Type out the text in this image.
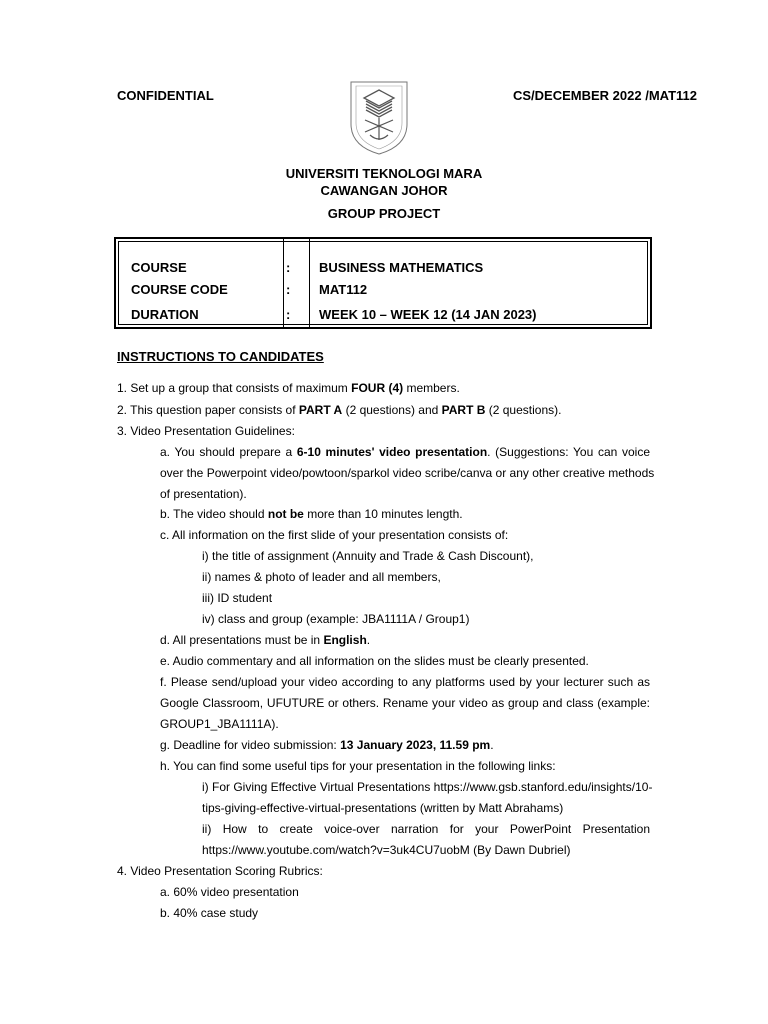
CONFIDENTIAL	CS/DECEMBER 2022 /MAT112
UNIVERSITI TEKNOLOGI MARA
CAWANGAN JOHOR
GROUP PROJECT
COURSE	: BUSINESS MATHEMATICS
COURSE CODE	: MAT112
DURATION	: WEEK 10 – WEEK 12 (14 JAN 2023)
INSTRUCTIONS TO CANDIDATES
1. Set up a group that consists of maximum FOUR (4) members.
2. This question paper consists of PART A (2 questions) and PART B (2 questions).
3. Video Presentation Guidelines:
a. You should prepare a 6-10 minutes' video presentation. (Suggestions: You can voice
over the Powerpoint video/powtoon/sparkol video scribe/canva or any other creative methods
of presentation).
b. The video should not be more than 10 minutes length.
c. All information on the first slide of your presentation consists of:
i) the title of assignment (Annuity and Trade & Cash Discount),
ii) names & photo of leader and all members,
iii) ID student
iv) class and group (example: JBA1111A / Group1)
d. All presentations must be in English.
e. Audio commentary and all information on the slides must be clearly presented.
f. Please send/upload your video according to any platforms used by your lecturer such as
Google Classroom, UFUTURE or others. Rename your video as group and class (example:
GROUP1_JBA1111A).
g. Deadline for video submission: 13 January 2023, 11.59 pm.
h. You can find some useful tips for your presentation in the following links:
i) For Giving Effective Virtual Presentations https://www.gsb.stanford.edu/insights/10-
tips-giving-effective-virtual-presentations (written by Matt Abrahams)
ii) How to create voice-over narration for your PowerPoint Presentation
https://www.youtube.com/watch?v=3uk4CU7uobM (By Dawn Dubriel)
4. Video Presentation Scoring Rubrics:
a. 60% video presentation
b. 40% case study
